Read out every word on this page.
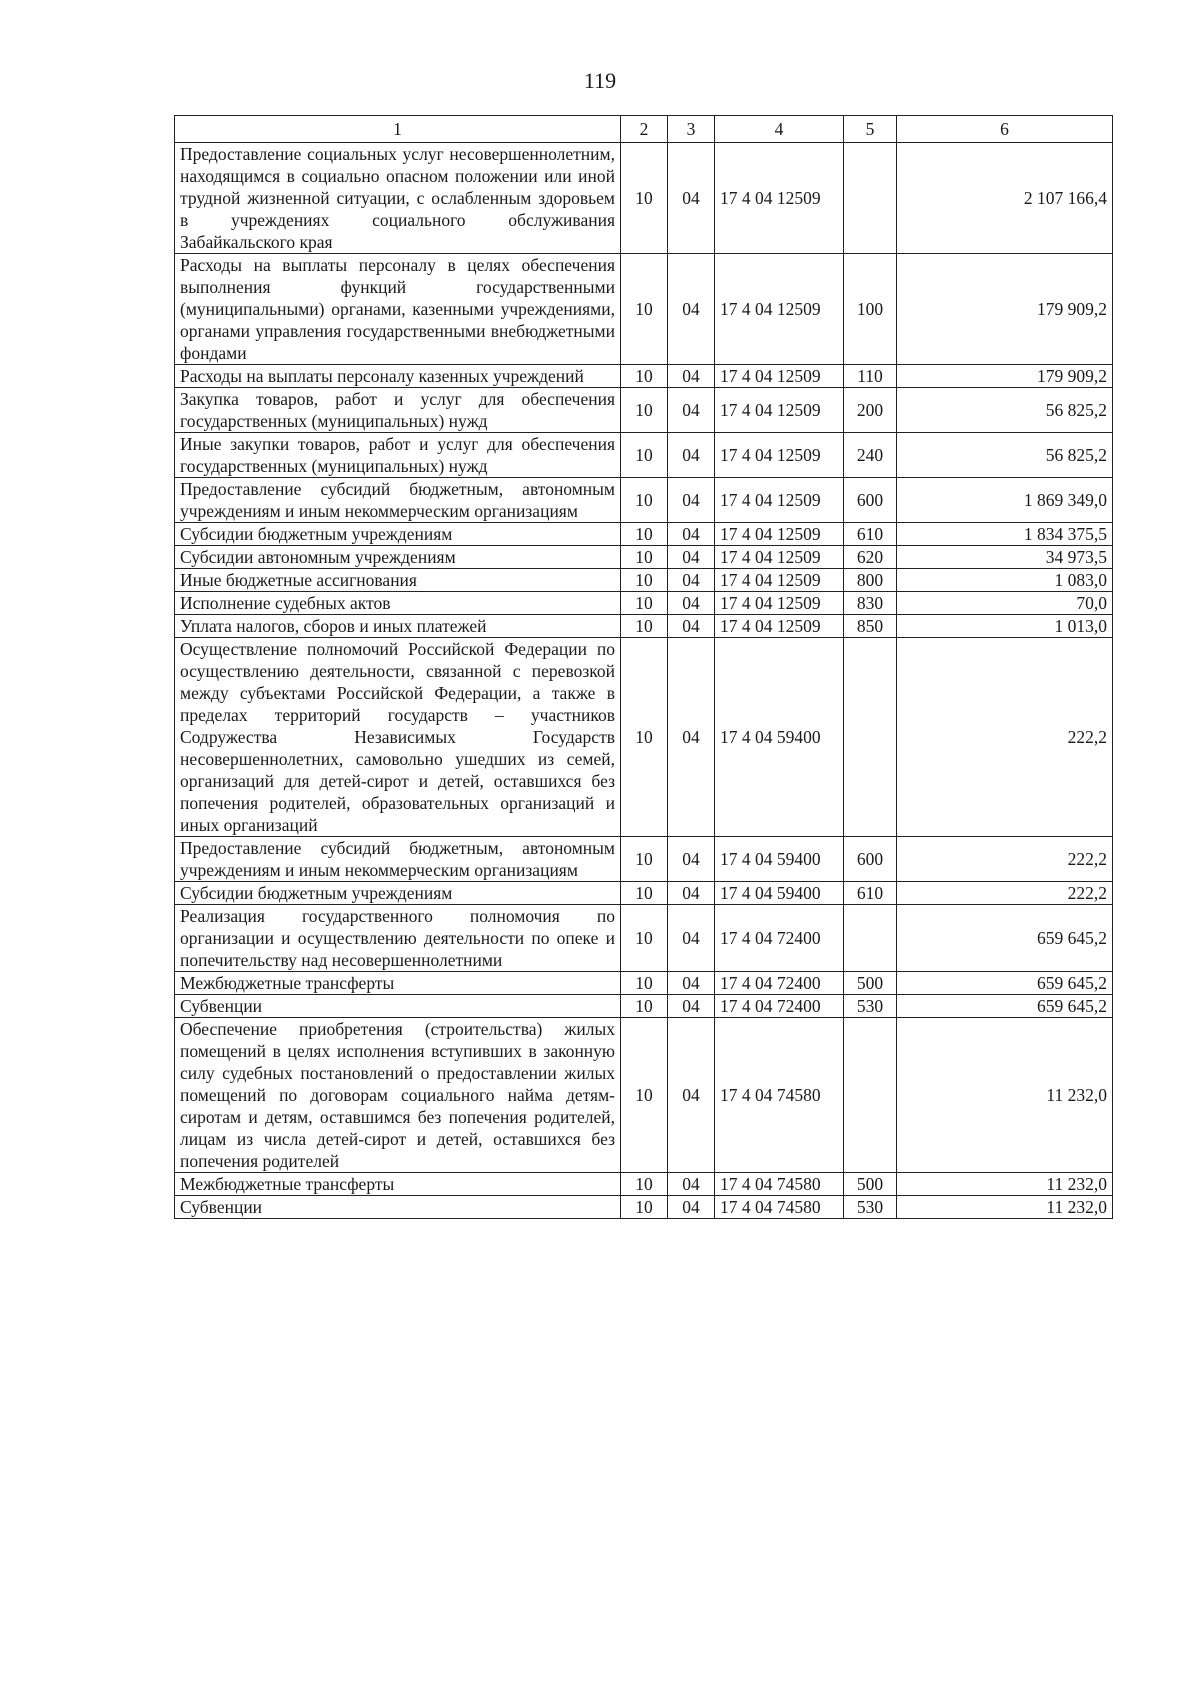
119
1	2	3	4	5	6
Предоставление социальных услуг несовершеннолетним, находящимся в социально опасном положении или иной трудной жизненной ситуации, с ослабленным здоровьем в учреждениях социального обслуживания Забайкальского края	10	04	17 4 04 12509		2 107 166,4
Расходы на выплаты персоналу в целях обеспечения выполнения функций государственными (муниципальными) органами, казенными учреждениями, органами управления государственными внебюджетными фондами	10	04	17 4 04 12509	100	179 909,2
Расходы на выплаты персоналу казенных учреждений	10	04	17 4 04 12509	110	179 909,2
Закупка товаров, работ и услуг для обеспечения государственных (муниципальных) нужд	10	04	17 4 04 12509	200	56 825,2
Иные закупки товаров, работ и услуг для обеспечения государственных (муниципальных) нужд	10	04	17 4 04 12509	240	56 825,2
Предоставление субсидий бюджетным, автономным учреждениям и иным некоммерческим организациям	10	04	17 4 04 12509	600	1 869 349,0
Субсидии бюджетным учреждениям	10	04	17 4 04 12509	610	1 834 375,5
Субсидии автономным учреждениям	10	04	17 4 04 12509	620	34 973,5
Иные бюджетные ассигнования	10	04	17 4 04 12509	800	1 083,0
Исполнение судебных актов	10	04	17 4 04 12509	830	70,0
Уплата налогов, сборов и иных платежей	10	04	17 4 04 12509	850	1 013,0
Осуществление полномочий Российской Федерации по осуществлению деятельности, связанной с перевозкой между субъектами Российской Федерации, а также в пределах территорий государств – участников Содружества Независимых Государств несовершеннолетних, самовольно ушедших из семей, организаций для детей-сирот и детей, оставшихся без попечения родителей, образовательных организаций и иных организаций	10	04	17 4 04 59400		222,2
Предоставление субсидий бюджетным, автономным учреждениям и иным некоммерческим организациям	10	04	17 4 04 59400	600	222,2
Субсидии бюджетным учреждениям	10	04	17 4 04 59400	610	222,2
Реализация государственного полномочия по организации и осуществлению деятельности по опеке и попечительству над несовершеннолетними	10	04	17 4 04 72400		659 645,2
Межбюджетные трансферты	10	04	17 4 04 72400	500	659 645,2
Субвенции	10	04	17 4 04 72400	530	659 645,2
Обеспечение приобретения (строительства) жилых помещений в целях исполнения вступивших в законную силу судебных постановлений о предоставлении жилых помещений по договорам социального найма детям-сиротам и детям, оставшимся без попечения родителей, лицам из числа детей-сирот и детей, оставшихся без попечения родителей	10	04	17 4 04 74580		11 232,0
Межбюджетные трансферты	10	04	17 4 04 74580	500	11 232,0
Субвенции	10	04	17 4 04 74580	530	11 232,0
